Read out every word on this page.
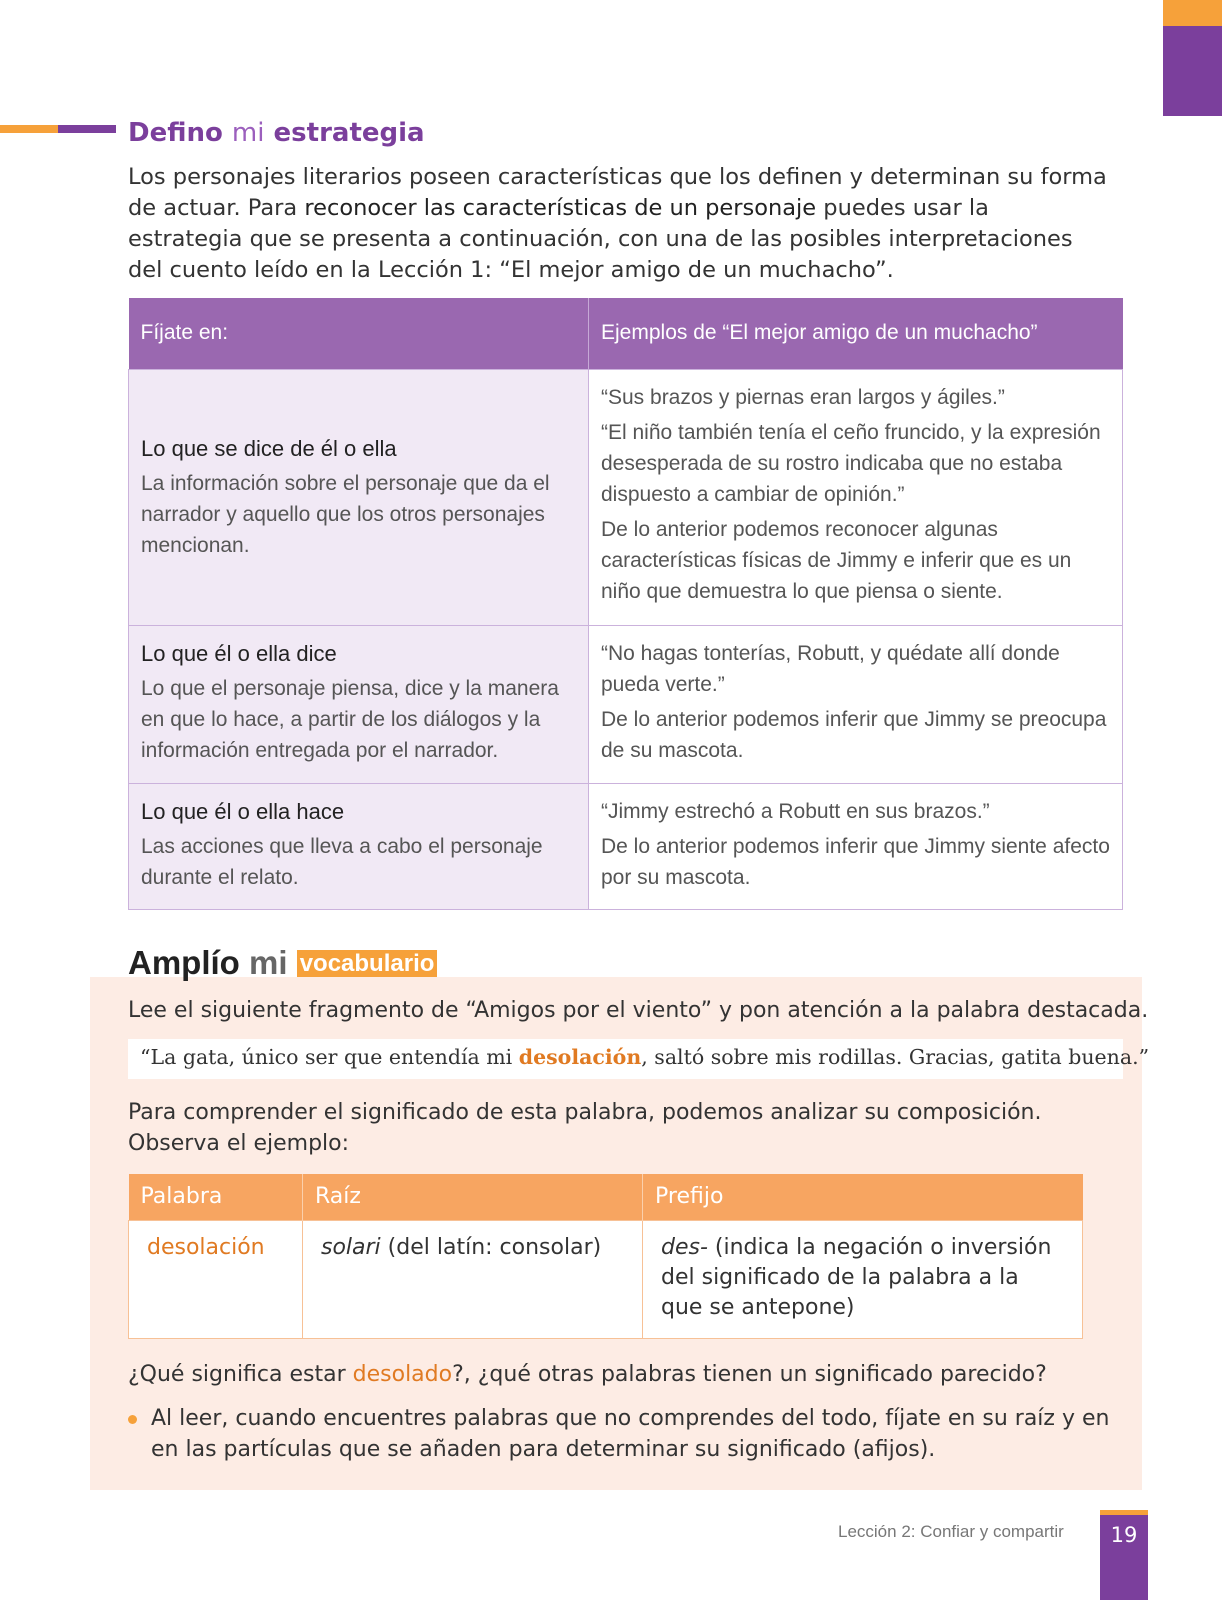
Defino mi estrategia

Los personajes literarios poseen características que los definen y determinan su forma de actuar. Para reconocer las características de un personaje puedes usar la estrategia que se presenta a continuación, con una de las posibles interpretaciones del cuento leído en la Lección 1: “El mejor amigo de un muchacho”.

Fíjate en:	Ejemplos de “El mejor amigo de un muchacho”

Lo que se dice de él o ella
La información sobre el personaje que da el narrador y aquello que los otros personajes mencionan.	“Sus brazos y piernas eran largos y ágiles.”
“El niño también tenía el ceño fruncido, y la expresión desesperada de su rostro indicaba que no estaba dispuesto a cambiar de opinión.”
De lo anterior podemos reconocer algunas características físicas de Jimmy e inferir que es un niño que demuestra lo que piensa o siente.

Lo que él o ella dice
Lo que el personaje piensa, dice y la manera en que lo hace, a partir de los diálogos y la información entregada por el narrador.	“No hagas tonterías, Robutt, y quédate allí donde pueda verte.”
De lo anterior podemos inferir que Jimmy se preocupa de su mascota.

Lo que él o ella hace
Las acciones que lleva a cabo el personaje durante el relato.	“Jimmy estrechó a Robutt en sus brazos.”
De lo anterior podemos inferir que Jimmy siente afecto por su mascota.
Amplío mi vocabulario

Lee el siguiente fragmento de “Amigos por el viento” y pon atención a la palabra destacada.

“La gata, único ser que entendía mi desolación, saltó sobre mis rodillas. Gracias, gatita buena.”

Para comprender el significado de esta palabra, podemos analizar su composición. Observa el ejemplo:

Palabra	Raíz	Prefijo
desolación	solari (del latín: consolar)	des- (indica la negación o inversión del significado de la palabra a la que se antepone)

¿Qué significa estar desolado?, ¿qué otras palabras tienen un significado parecido?

Al leer, cuando encuentres palabras que no comprendes del todo, fíjate en su raíz y en en las partículas que se añaden para determinar su significado (afijos).

Lección 2: Confiar y compartir	19
